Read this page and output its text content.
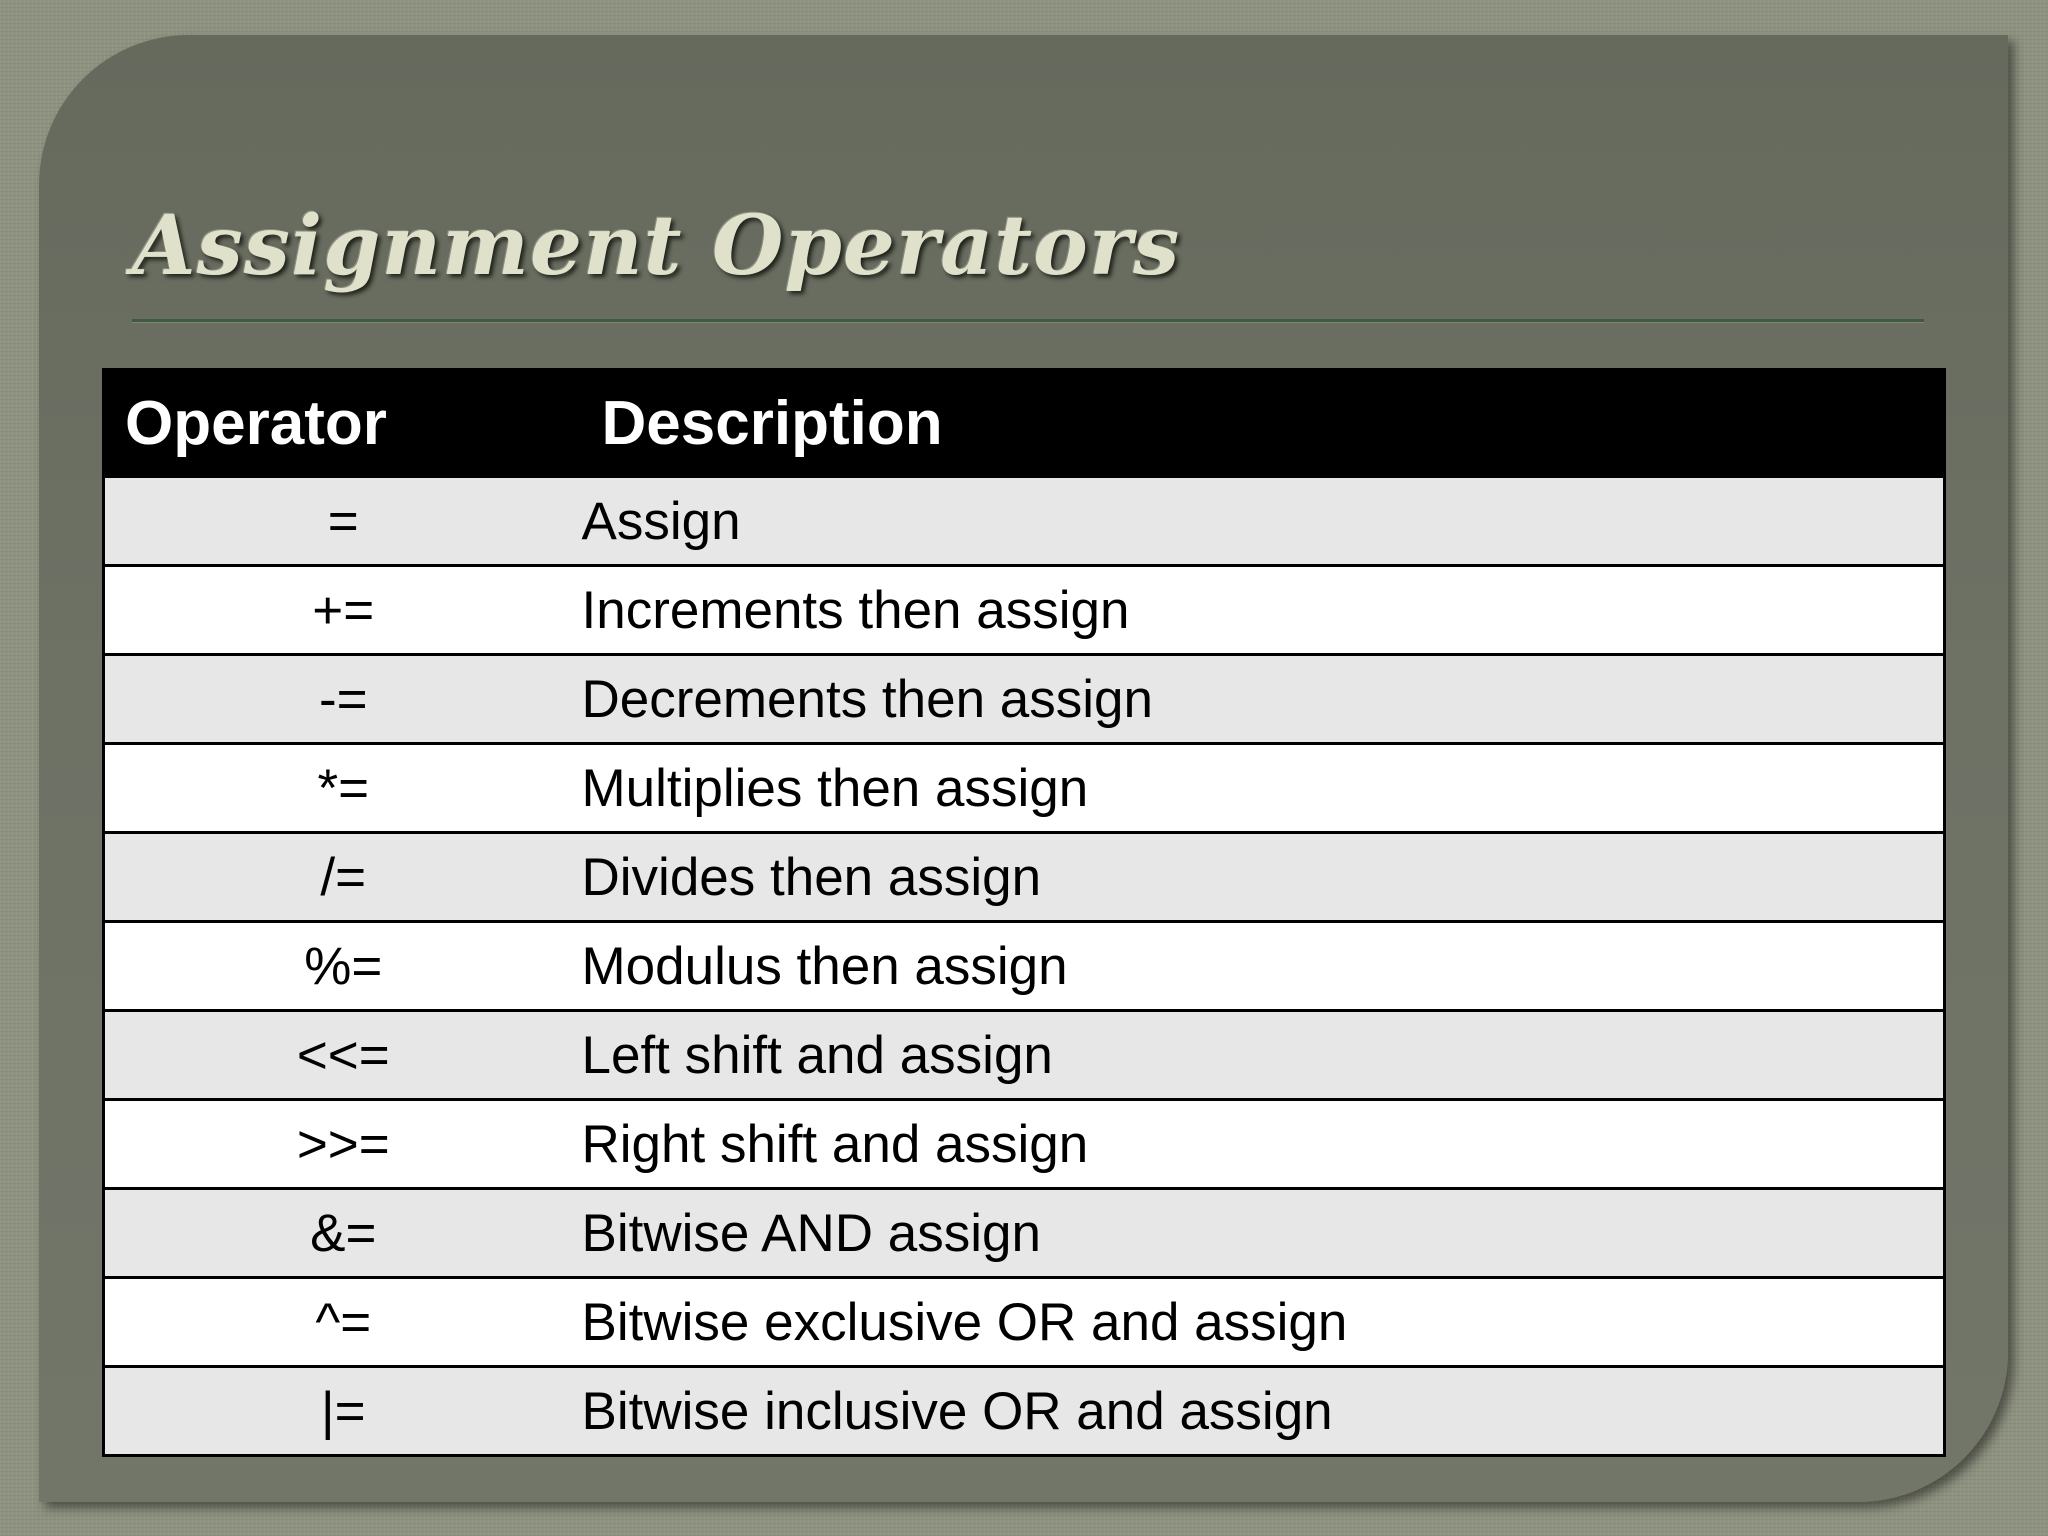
Assignment Operators
Operator	Description
=	Assign
+=	Increments then assign
-=	Decrements then assign
*=	Multiplies then assign
/=	Divides then assign
%=	Modulus then assign
<<=	Left shift and assign
>>=	Right shift and assign
&=	Bitwise AND assign
^=	Bitwise exclusive OR and assign
|=	Bitwise inclusive OR and assign
